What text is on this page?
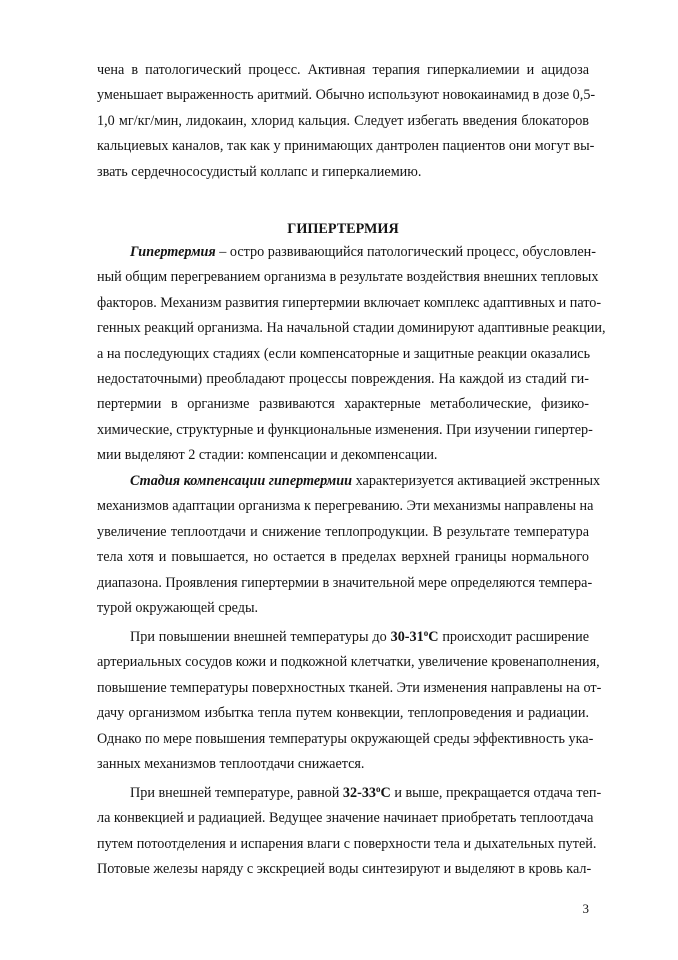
чена в патологический процесс. Активная терапия гиперкалиемии и ацидоза
уменьшает выраженность аритмий. Обычно используют новокаинамид в дозе 0,5-
1,0 мг/кг/мин, лидокаин, хлорид кальция. Следует избегать введения блокаторов
кальциевых каналов, так как у принимающих дантролен пациентов они могут вы-
звать сердечнососудистый коллапс и гиперкалиемию.
ГИПЕРТЕРМИЯ
Гипертермия – остро развивающийся патологический процесс, обусловлен-
ный общим перегреванием организма в результате воздействия внешних тепловых
факторов. Механизм развития гипертермии включает комплекс адаптивных и пато-
генных реакций организма. На начальной стадии доминируют адаптивные реакции,
а на последующих стадиях (если компенсаторные и защитные реакции оказались
недостаточными) преобладают процессы повреждения. На каждой из стадий ги-
пертермии в организме развиваются характерные метаболические, физико-
химические, структурные и функциональные изменения. При изучении гипертер-
мии выделяют 2 стадии: компенсации и декомпенсации.
Стадия компенсации гипертермии характеризуется активацией экстренных
механизмов адаптации организма к перегреванию. Эти механизмы направлены на
увеличение теплоотдачи и снижение теплопродукции. В результате температура
тела хотя и повышается, но остается в пределах верхней границы нормального
диапазона. Проявления гипертермии в значительной мере определяются темпера-
турой окружающей среды.
При повышении внешней температуры до 30-31$^o$С происходит расширение
артериальных сосудов кожи и подкожной клетчатки, увеличение кровенаполнения,
повышение температуры поверхностных тканей. Эти изменения направлены на от-
дачу организмом избытка тепла путем конвекции, теплопроведения и радиации.
Однако по мере повышения температуры окружающей среды эффективность ука-
занных механизмов теплоотдачи снижается.
При внешней температуре, равной 32-33$^o$С и выше, прекращается отдача теп-
ла конвекцией и радиацией. Ведущее значение начинает приобретать теплоотдача
путем потоотделения и испарения влаги с поверхности тела и дыхательных путей.
Потовые железы наряду с экскрецией воды синтезируют и выделяют в кровь кал-
3
